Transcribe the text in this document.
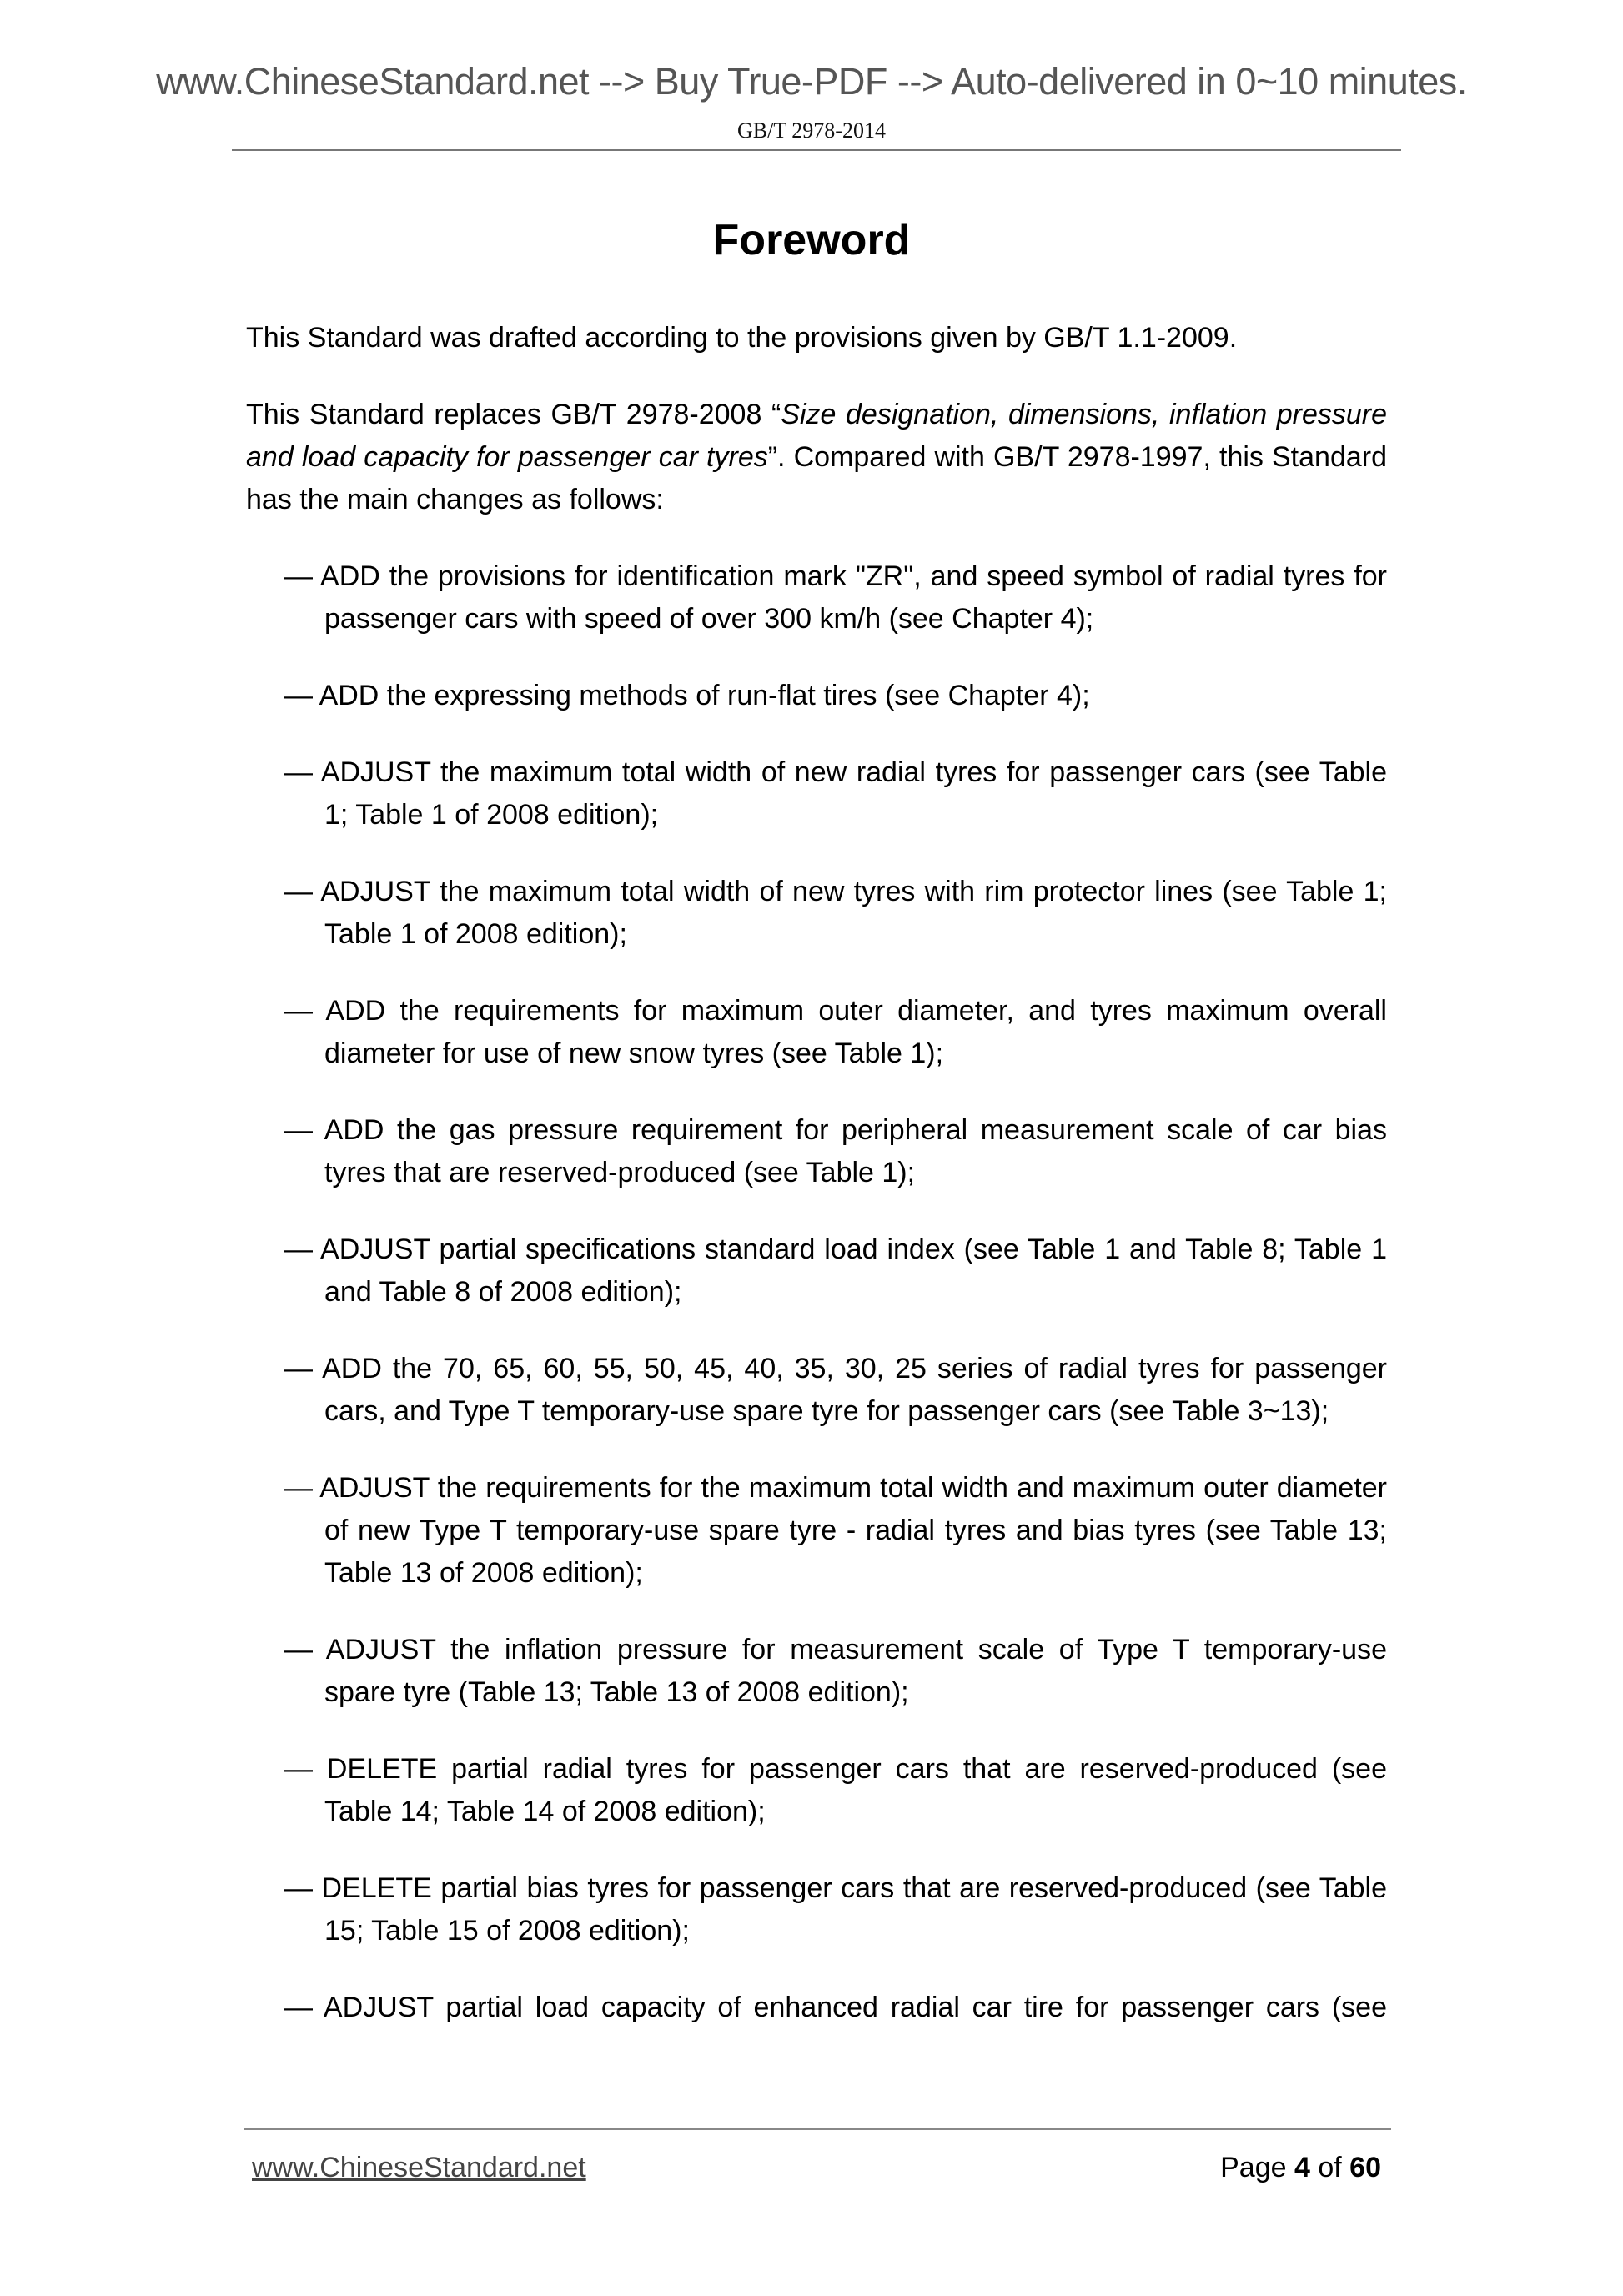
www.ChineseStandard.net --> Buy True-PDF --> Auto-delivered in 0~10 minutes.
GB/T 2978-2014
Foreword

This Standard was drafted according to the provisions given by GB/T 1.1-2009.

This Standard replaces GB/T 2978-2008 “Size designation, dimensions, inflation pressure and load capacity for passenger car tyres”. Compared with GB/T 2978-1997, this Standard has the main changes as follows:

— ADD the provisions for identification mark "ZR", and speed symbol of radial tyres for passenger cars with speed of over 300 km/h (see Chapter 4);

— ADD the expressing methods of run-flat tires (see Chapter 4);

— ADJUST the maximum total width of new radial tyres for passenger cars (see Table 1; Table 1 of 2008 edition);

— ADJUST the maximum total width of new tyres with rim protector lines (see Table 1; Table 1 of 2008 edition);

— ADD the requirements for maximum outer diameter, and tyres maximum overall diameter for use of new snow tyres (see Table 1);

— ADD the gas pressure requirement for peripheral measurement scale of car bias tyres that are reserved-produced (see Table 1);

— ADJUST partial specifications standard load index (see Table 1 and Table 8; Table 1 and Table 8 of 2008 edition);

— ADD the 70, 65, 60, 55, 50, 45, 40, 35, 30, 25 series of radial tyres for passenger cars, and Type T temporary-use spare tyre for passenger cars (see Table 3~13);

— ADJUST the requirements for the maximum total width and maximum outer diameter of new Type T temporary-use spare tyre - radial tyres and bias tyres (see Table 13; Table 13 of 2008 edition);

— ADJUST the inflation pressure for measurement scale of Type T temporary-use spare tyre (Table 13; Table 13 of 2008 edition);

— DELETE partial radial tyres for passenger cars that are reserved-produced (see Table 14; Table 14 of 2008 edition);

— DELETE partial bias tyres for passenger cars that are reserved-produced (see Table 15; Table 15 of 2008 edition);

— ADJUST partial load capacity of enhanced radial car tire for passenger cars (see

www.ChineseStandard.net	Page 4 of 60
